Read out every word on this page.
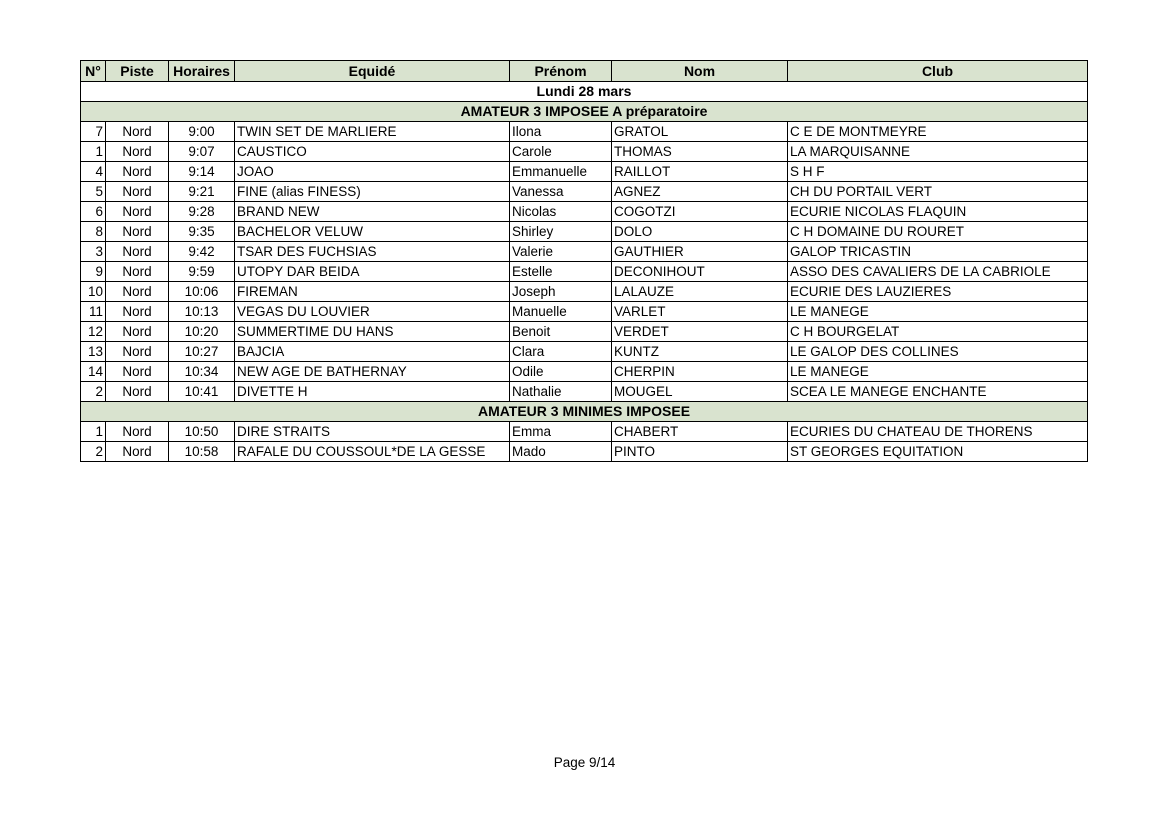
N°	Piste	Horaires	Equidé	Prénom	Nom	Club
Lundi 28 mars						
AMATEUR 3 IMPOSEE A préparatoire						
7	Nord	9:00	TWIN SET DE MARLIERE	Ilona	GRATOL	C E DE MONTMEYRE
1	Nord	9:07	CAUSTICO	Carole	THOMAS	LA MARQUISANNE
4	Nord	9:14	JOAO	Emmanuelle	RAILLOT	S H F
5	Nord	9:21	FINE (alias FINESS)	Vanessa	AGNEZ	CH DU PORTAIL VERT
6	Nord	9:28	BRAND NEW	Nicolas	COGOTZI	ECURIE NICOLAS FLAQUIN
8	Nord	9:35	BACHELOR VELUW	Shirley	DOLO	C H DOMAINE DU ROURET
3	Nord	9:42	TSAR DES FUCHSIAS	Valerie	GAUTHIER	GALOP TRICASTIN
9	Nord	9:59	UTOPY DAR BEIDA	Estelle	DECONIHOUT	ASSO DES CAVALIERS DE LA CABRIOLE
10	Nord	10:06	FIREMAN	Joseph	LALAUZE	ECURIE DES LAUZIERES
11	Nord	10:13	VEGAS DU LOUVIER	Manuelle	VARLET	LE MANEGE
12	Nord	10:20	SUMMERTIME DU HANS	Benoit	VERDET	C H BOURGELAT
13	Nord	10:27	BAJCIA	Clara	KUNTZ	LE GALOP DES COLLINES
14	Nord	10:34	NEW AGE DE BATHERNAY	Odile	CHERPIN	LE MANEGE
2	Nord	10:41	DIVETTE H	Nathalie	MOUGEL	SCEA LE MANEGE ENCHANTE
AMATEUR 3 MINIMES IMPOSEE						
1	Nord	10:50	DIRE STRAITS	Emma	CHABERT	ECURIES DU CHATEAU DE THORENS
2	Nord	10:58	RAFALE DU COUSSOUL*DE LA GESSE	Mado	PINTO	ST GEORGES EQUITATION
Page 9/14
